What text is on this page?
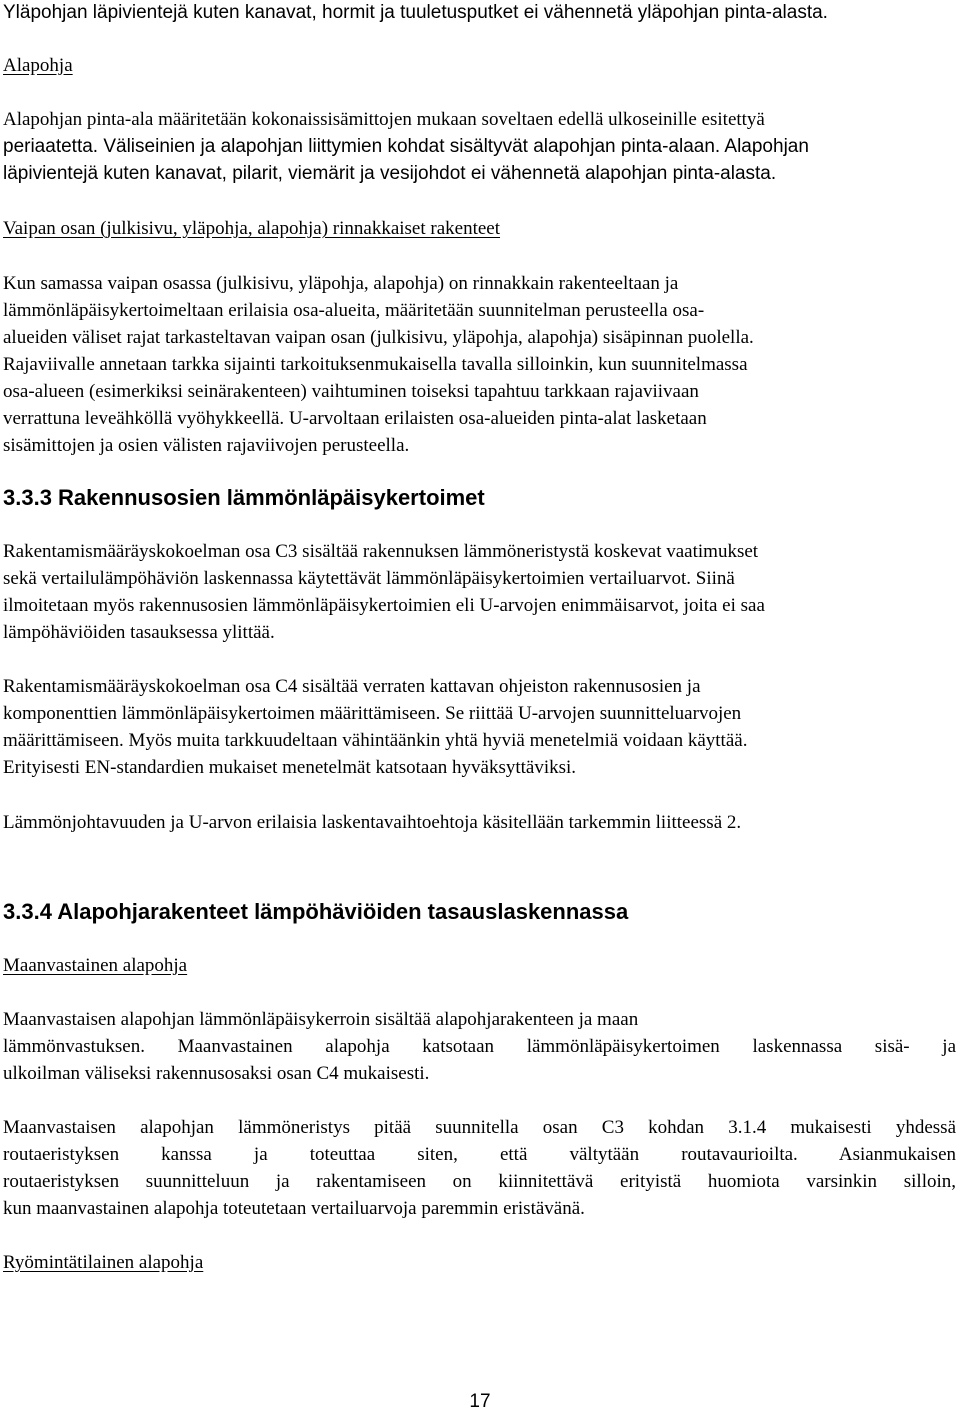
Yläpohjan läpivientejä kuten kanavat, hormit ja tuuletusputket ei vähennetä yläpohjan pinta-alasta.
Alapohja
Alapohjan pinta-ala määritetään kokonaissisämittojen mukaan soveltaen edellä ulkoseinille esitettyä
periaatetta. Väliseinien ja alapohjan liittymien kohdat sisältyvät alapohjan pinta-alaan. Alapohjan
läpivientejä kuten kanavat, pilarit, viemärit ja vesijohdot ei vähennetä alapohjan pinta-alasta.
Vaipan osan (julkisivu, yläpohja, alapohja) rinnakkaiset rakenteet
Kun samassa vaipan osassa (julkisivu, yläpohja, alapohja) on rinnakkain rakenteeltaan ja
lämmönläpäisykertoimeltaan erilaisia osa-alueita, määritetään suunnitelman perusteella osa-
alueiden väliset rajat tarkasteltavan vaipan osan (julkisivu, yläpohja, alapohja) sisäpinnan puolella.
Rajaviivalle annetaan tarkka sijainti tarkoituksenmukaisella tavalla silloinkin, kun suunnitelmassa
osa-alueen (esimerkiksi seinärakenteen) vaihtuminen toiseksi tapahtuu tarkkaan rajaviivaan
verrattuna leveähköllä vyöhykkeellä. U-arvoltaan erilaisten osa-alueiden pinta-alat lasketaan
sisämittojen ja osien välisten rajaviivojen perusteella.
3.3.3 Rakennusosien lämmönläpäisykertoimet
Rakentamismääräyskokoelman osa C3 sisältää rakennuksen lämmöneristystä koskevat vaatimukset
sekä vertailulämpöhäviön laskennassa käytettävät lämmönläpäisykertoimien vertailuarvot. Siinä
ilmoitetaan myös rakennusosien lämmönläpäisykertoimien eli U-arvojen enimmäisarvot, joita ei saa
lämpöhäviöiden tasauksessa ylittää.
Rakentamismääräyskokoelman osa C4 sisältää verraten kattavan ohjeiston rakennusosien ja
komponenttien lämmönläpäisykertoimen määrittämiseen. Se riittää U-arvojen suunnitteluarvojen
määrittämiseen. Myös muita tarkkuudeltaan vähintäänkin yhtä hyviä menetelmiä voidaan käyttää.
Erityisesti EN-standardien mukaiset menetelmät katsotaan hyväksyttäviksi.
Lämmönjohtavuuden ja U-arvon erilaisia laskentavaihtoehtoja käsitellään tarkemmin liitteessä 2.
3.3.4 Alapohjarakenteet lämpöhäviöiden tasauslaskennassa
Maanvastainen alapohja
Maanvastaisen alapohjan lämmönläpäisykerroin sisältää alapohjarakenteen ja maan
lämmönvastuksen. Maanvastainen alapohja katsotaan lämmönläpäisykertoimen laskennassa sisä- ja
ulkoilman väliseksi rakennusosaksi osan C4 mukaisesti.
Maanvastaisen alapohjan lämmöneristys pitää suunnitella osan C3 kohdan 3.1.4 mukaisesti yhdessä
routaeristyksen kanssa ja toteuttaa siten, että vältytään routavaurioilta. Asianmukaisen
routaeristyksen suunnitteluun ja rakentamiseen on kiinnitettävä erityistä huomiota varsinkin silloin,
kun maanvastainen alapohja toteutetaan vertailuarvoja paremmin eristävänä.
Ryömintätilainen alapohja
17
